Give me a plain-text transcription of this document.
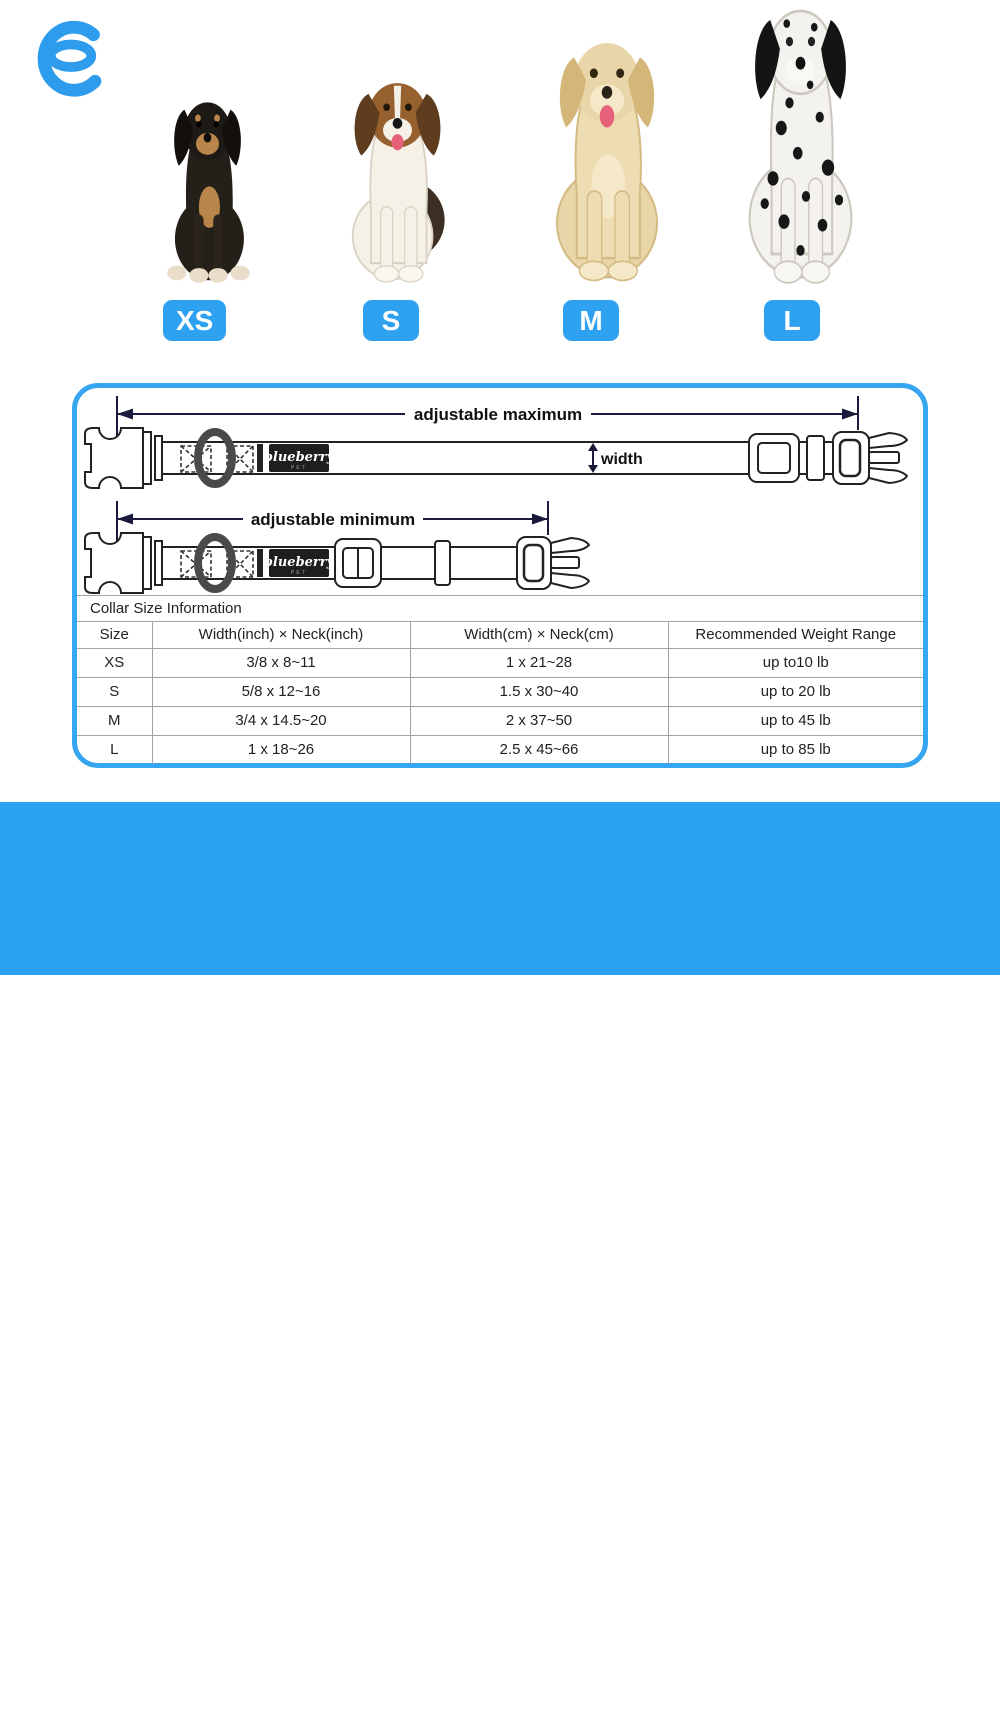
XS	S	M	L
adjustable maximum
blueberry
PET	width
adjustable minimum
blueberry
PET
Collar Size Information
Size	Width(inch) × Neck(inch)	Width(cm) × Neck(cm)	Recommended Weight Range
XS	3/8 x 8~11	1 x 21~28	up to10 lb
S	5/8 x 12~16	1.5 x 30~40	up to 20 lb
M	3/4 x 14.5~20	2 x 37~50	up to 45 lb
L	1 x 18~26	2.5 x 45~66	up to 85 lb
Tips: Measure the circumference of pet's neck. It should be snug
enough to fit 2 fingers between dog's neck and their collar.
